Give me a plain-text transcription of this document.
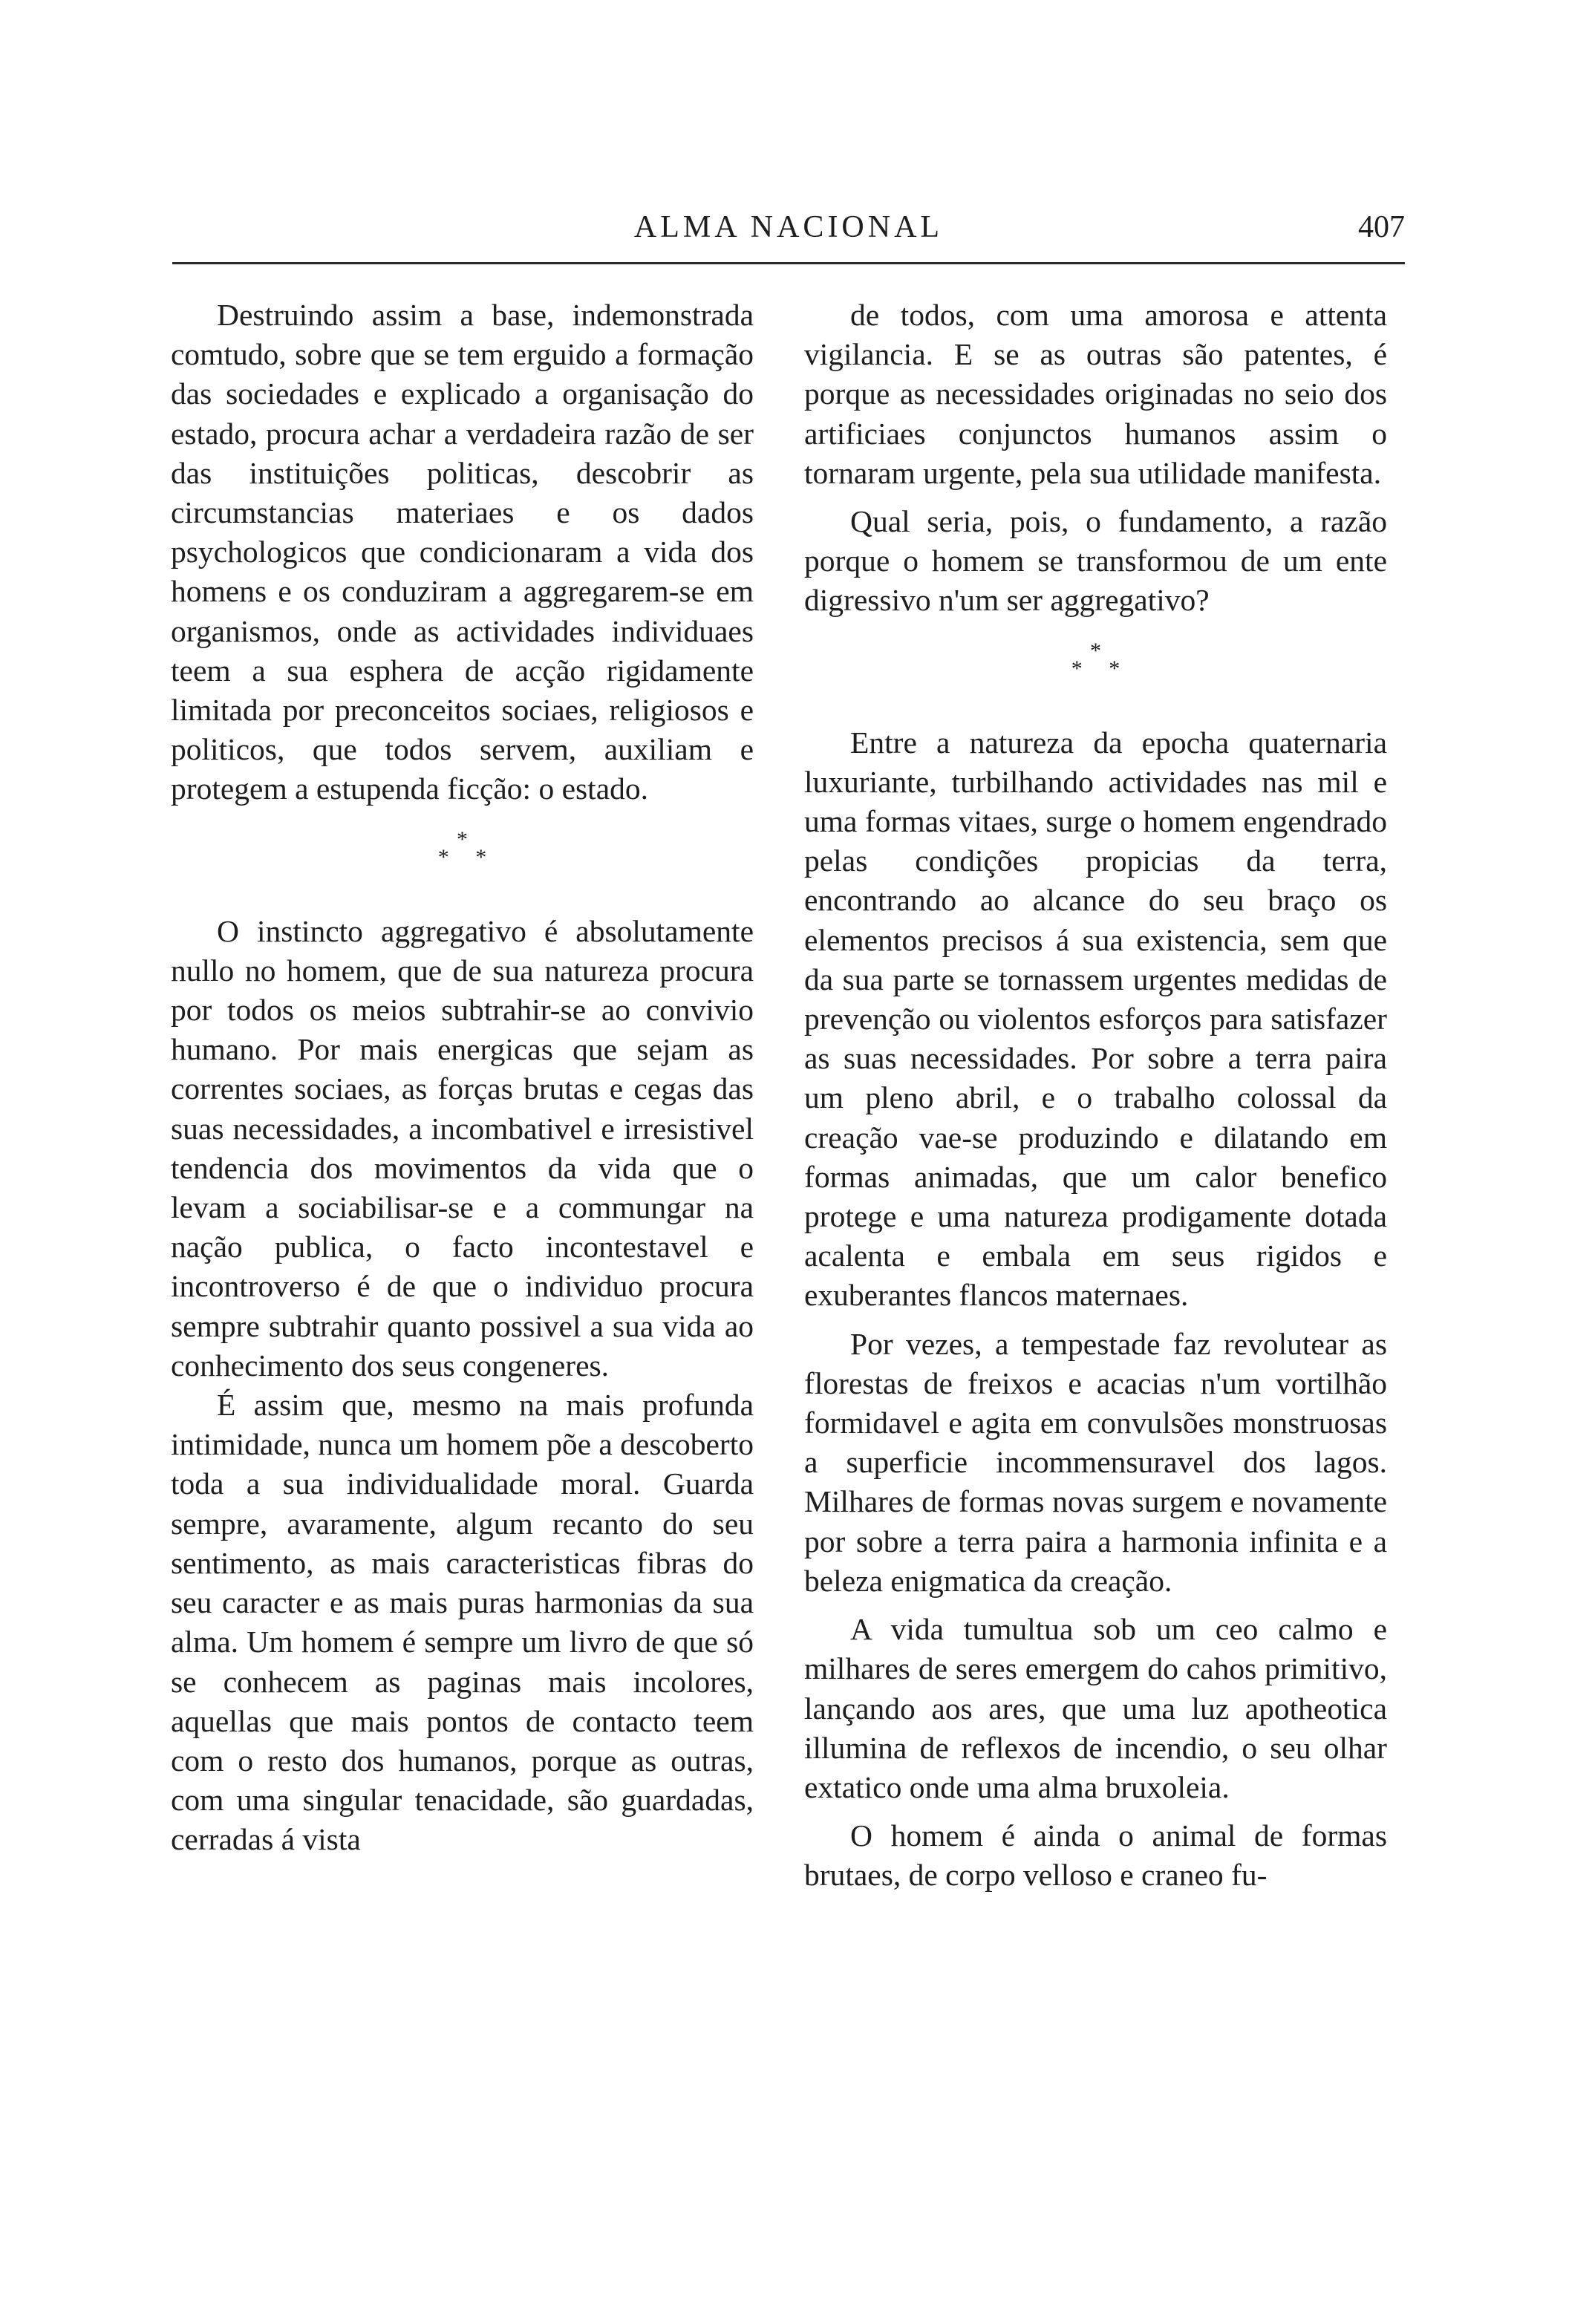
ALMA NACIONAL	407

Destruindo assim a base, indemonstrada comtudo, sobre que se tem erguido a formação das sociedades e explicado a organisação do estado, procura achar a verdadeira razão de ser das instituições politicas, descobrir as circumstancias materiaes e os dados psychologicos que condicionaram a vida dos homens e os conduziram a aggregarem-se em organismos, onde as actividades individuaes teem a sua esphera de acção rigidamente limitada por preconceitos sociaes, religiosos e politicos, que todos servem, auxiliam e protegem a estupenda ficção: o estado.

*
* *

O instincto aggregativo é absolutamente nullo no homem, que de sua natureza procura por todos os meios subtrahir-se ao convivio humano. Por mais energicas que sejam as correntes sociaes, as forças brutas e cegas das suas necessidades, a incombativel e irresistivel tendencia dos movimentos da vida que o levam a sociabilisar-se e a commungar na nação publica, o facto incontestavel e incontroverso é de que o individuo procura sempre subtrahir quanto possivel a sua vida ao conhecimento dos seus congeneres.

É assim que, mesmo na mais profunda intimidade, nunca um homem põe a descoberto toda a sua individualidade moral. Guarda sempre, avaramente, algum recanto do seu sentimento, as mais caracteristicas fibras do seu caracter e as mais puras harmonias da sua alma. Um homem é sempre um livro de que só se conhecem as paginas mais incolores, aquellas que mais pontos de contacto teem com o resto dos humanos, porque as outras, com uma singular tenacidade, são guardadas, cerradas á vista

de todos, com uma amorosa e attenta vigilancia. E se as outras são patentes, é porque as necessidades originadas no seio dos artificiaes conjunctos humanos assim o tornaram urgente, pela sua utilidade manifesta.

Qual seria, pois, o fundamento, a razão porque o homem se transformou de um ente digressivo n'um ser aggregativo?

*
* *

Entre a natureza da epocha quaternaria luxuriante, turbilhando actividades nas mil e uma formas vitaes, surge o homem engendrado pelas condições propicias da terra, encontrando ao alcance do seu braço os elementos precisos á sua existencia, sem que da sua parte se tornassem urgentes medidas de prevenção ou violentos esforços para satisfazer as suas necessidades. Por sobre a terra paira um pleno abril, e o trabalho colossal da creação vae-se produzindo e dilatando em formas animadas, que um calor benefico protege e uma natureza prodigamente dotada acalenta e embala em seus rigidos e exuberantes flancos maternaes.

Por vezes, a tempestade faz revolutear as florestas de freixos e acacias n'um vortilhão formidavel e agita em convulsões monstruosas a superficie incommensuravel dos lagos. Milhares de formas novas surgem e novamente por sobre a terra paira a harmonia infinita e a beleza enigmatica da creação.

A vida tumultua sob um ceo calmo e milhares de seres emergem do cahos primitivo, lançando aos ares, que uma luz apotheotica illumina de reflexos de incendio, o seu olhar extatico onde uma alma bruxoleia.

O homem é ainda o animal de formas brutaes, de corpo velloso e craneo fu-
